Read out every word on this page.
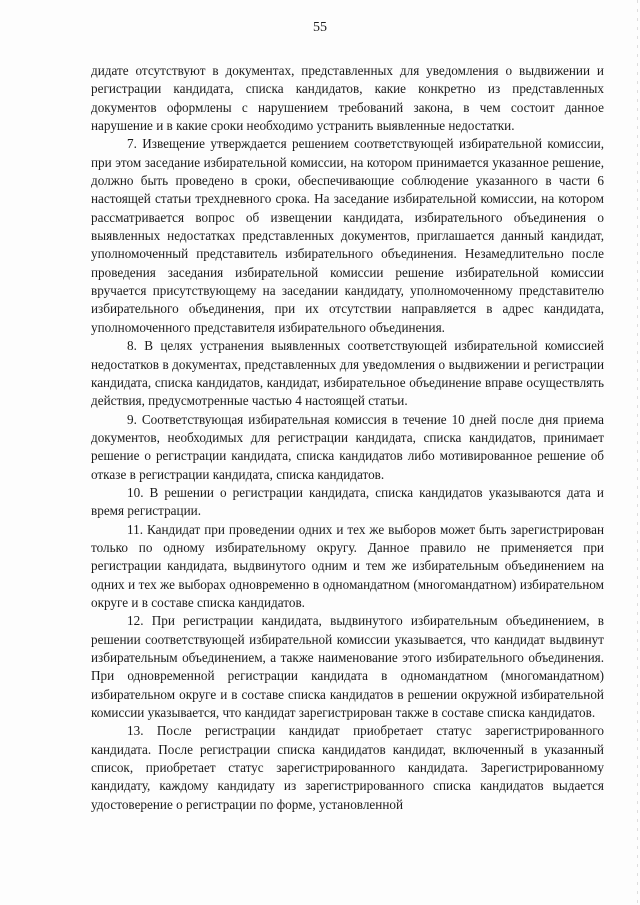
55

дидате отсутствуют в документах, представленных для уведомления о выдвижении и регистрации кандидата, списка кандидатов, какие конкретно из представленных документов оформлены с нарушением требований закона, в чем состоит данное нарушение и в какие сроки необходимо устранить выявленные недостатки.

7. Извещение утверждается решением соответствующей избирательной комиссии, при этом заседание избирательной комиссии, на котором принимается указанное решение, должно быть проведено в сроки, обеспечивающие соблюдение указанного в части 6 настоящей статьи трехдневного срока. На заседание избирательной комиссии, на котором рассматривается вопрос об извещении кандидата, избирательного объединения о выявленных недостатках представленных документов, приглашается данный кандидат, уполномоченный представитель избирательного объединения. Незамедлительно после проведения заседания избирательной комиссии решение избирательной комиссии вручается присутствующему на заседании кандидату, уполномоченному представителю избирательного объединения, при их отсутствии направляется в адрес кандидата, уполномоченного представителя избирательного объединения.

8. В целях устранения выявленных соответствующей избирательной комиссией недостатков в документах, представленных для уведомления о выдвижении и регистрации кандидата, списка кандидатов, кандидат, избирательное объединение вправе осуществлять действия, предусмотренные частью 4 настоящей статьи.

9. Соответствующая избирательная комиссия в течение 10 дней после дня приема документов, необходимых для регистрации кандидата, списка кандидатов, принимает решение о регистрации кандидата, списка кандидатов либо мотивированное решение об отказе в регистрации кандидата, списка кандидатов.

10. В решении о регистрации кандидата, списка кандидатов указываются дата и время регистрации.

11. Кандидат при проведении одних и тех же выборов может быть зарегистрирован только по одному избирательному округу. Данное правило не применяется при регистрации кандидата, выдвинутого одним и тем же избирательным объединением на одних и тех же выборах одновременно в одномандатном (многомандатном) избирательном округе и в составе списка кандидатов.

12. При регистрации кандидата, выдвинутого избирательным объединением, в решении соответствующей избирательной комиссии указывается, что кандидат выдвинут избирательным объединением, а также наименование этого избирательного объединения. При одновременной регистрации кандидата в одномандатном (многомандатном) избирательном округе и в составе списка кандидатов в решении окружной избирательной комиссии указывается, что кандидат зарегистрирован также в составе списка кандидатов.

13. После регистрации кандидат приобретает статус зарегистрированного кандидата. После регистрации списка кандидатов кандидат, включенный в указанный список, приобретает статус зарегистрированного кандидата. Зарегистрированному кандидату, каждому кандидату из зарегистрированного списка кандидатов выдается удостоверение о регистрации по форме, установленной
